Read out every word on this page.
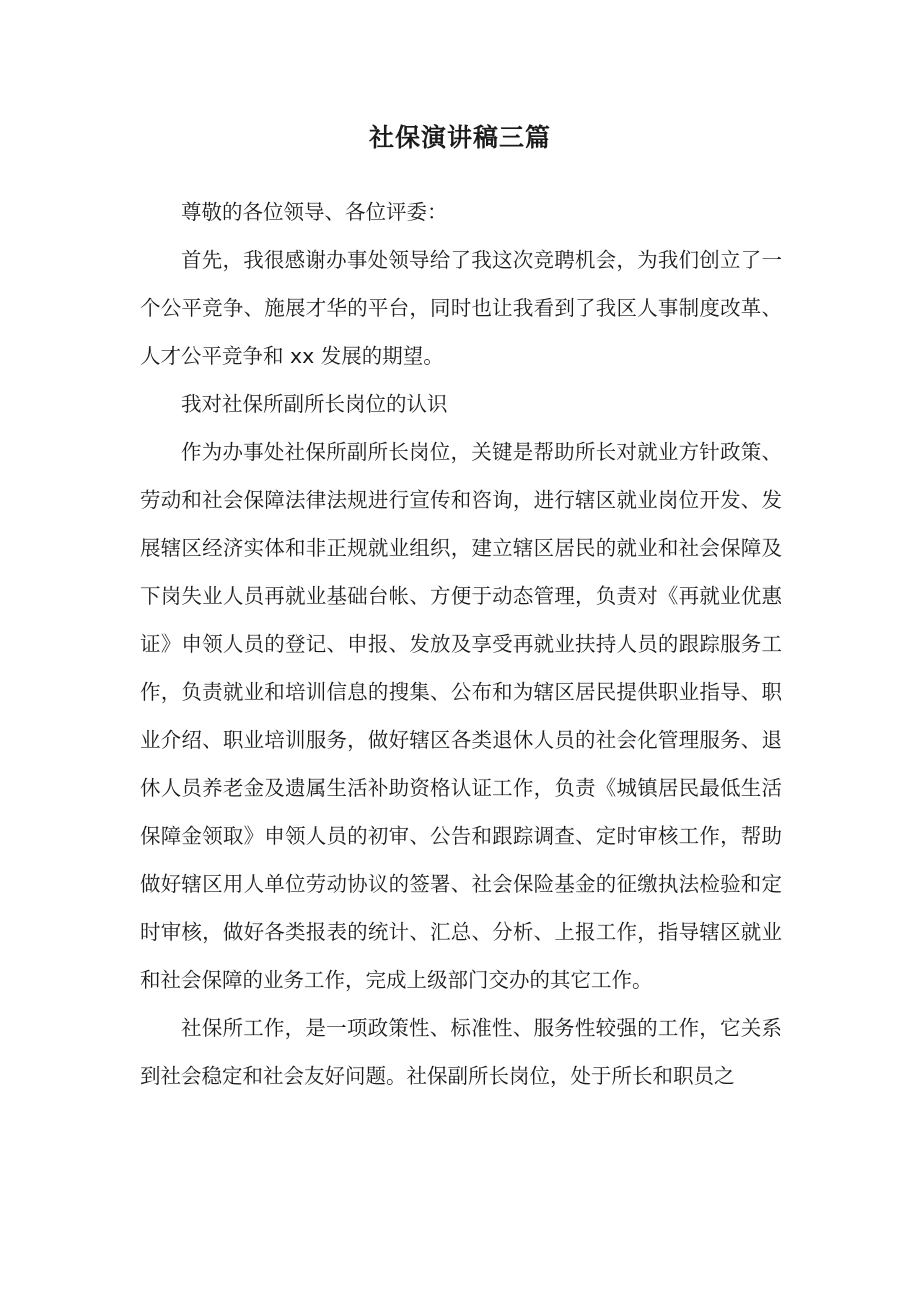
社保演讲稿三篇

尊敬的各位领导、各位评委：

首先，我很感谢办事处领导给了我这次竞聘机会，为我们创立了一个公平竞争、施展才华的平台，同时也让我看到了我区人事制度改革、人才公平竞争和 xx 发展的期望。

我对社保所副所长岗位的认识

作为办事处社保所副所长岗位，关键是帮助所长对就业方针政策、劳动和社会保障法律法规进行宣传和咨询，进行辖区就业岗位开发、发展辖区经济实体和非正规就业组织，建立辖区居民的就业和社会保障及下岗失业人员再就业基础台帐、方便于动态管理，负责对《再就业优惠证》申领人员的登记、申报、发放及享受再就业扶持人员的跟踪服务工作，负责就业和培训信息的搜集、公布和为辖区居民提供职业指导、职业介绍、职业培训服务，做好辖区各类退休人员的社会化管理服务、退休人员养老金及遗属生活补助资格认证工作，负责《城镇居民最低生活保障金领取》申领人员的初审、公告和跟踪调查、定时审核工作，帮助做好辖区用人单位劳动协议的签署、社会保险基金的征缴执法检验和定时审核，做好各类报表的统计、汇总、分析、上报工作，指导辖区就业和社会保障的业务工作，完成上级部门交办的其它工作。

社保所工作，是一项政策性、标准性、服务性较强的工作，它关系到社会稳定和社会友好问题。社保副所长岗位，处于所长和职员之
